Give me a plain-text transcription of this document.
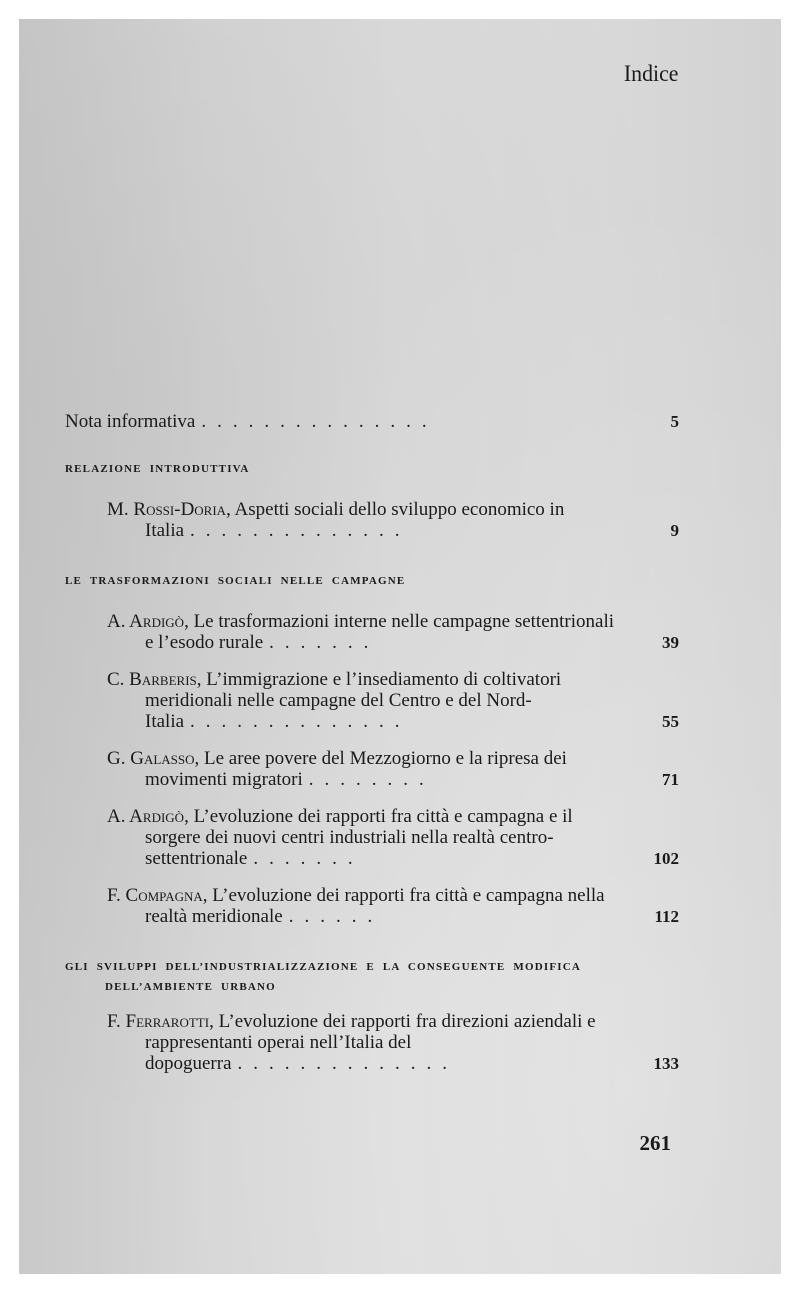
Indice
Nota informativa ...............	5
RELAZIONE INTRODUTTIVA
M. Rossi-Doria, Aspetti sociali dello sviluppo economico in Italia ..............	9
LE TRASFORMAZIONI SOCIALI NELLE CAMPAGNE
A. Ardigò, Le trasformazioni interne nelle campagne settentrionali e l’esodo rurale .......	39
C. Barberis, L’immigrazione e l’insediamento di coltivatori meridionali nelle campagne del Centro e del Nord-Italia ..............	55
G. Galasso, Le aree povere del Mezzogiorno e la ripresa dei movimenti migratori ........	71
A. Ardigò, L’evoluzione dei rapporti fra città e campagna e il sorgere dei nuovi centri industriali nella realtà centro-settentrionale .......	102
F. Compagna, L’evoluzione dei rapporti fra città e campagna nella realtà meridionale ......	112
GLI SVILUPPI DELL’INDUSTRIALIZZAZIONE E LA CONSEGUENTE MODIFICA DELL’AMBIENTE URBANO
F. Ferrarotti, L’evoluzione dei rapporti fra direzioni aziendali e rappresentanti operai nell’Italia del dopoguerra ..............	133
261
